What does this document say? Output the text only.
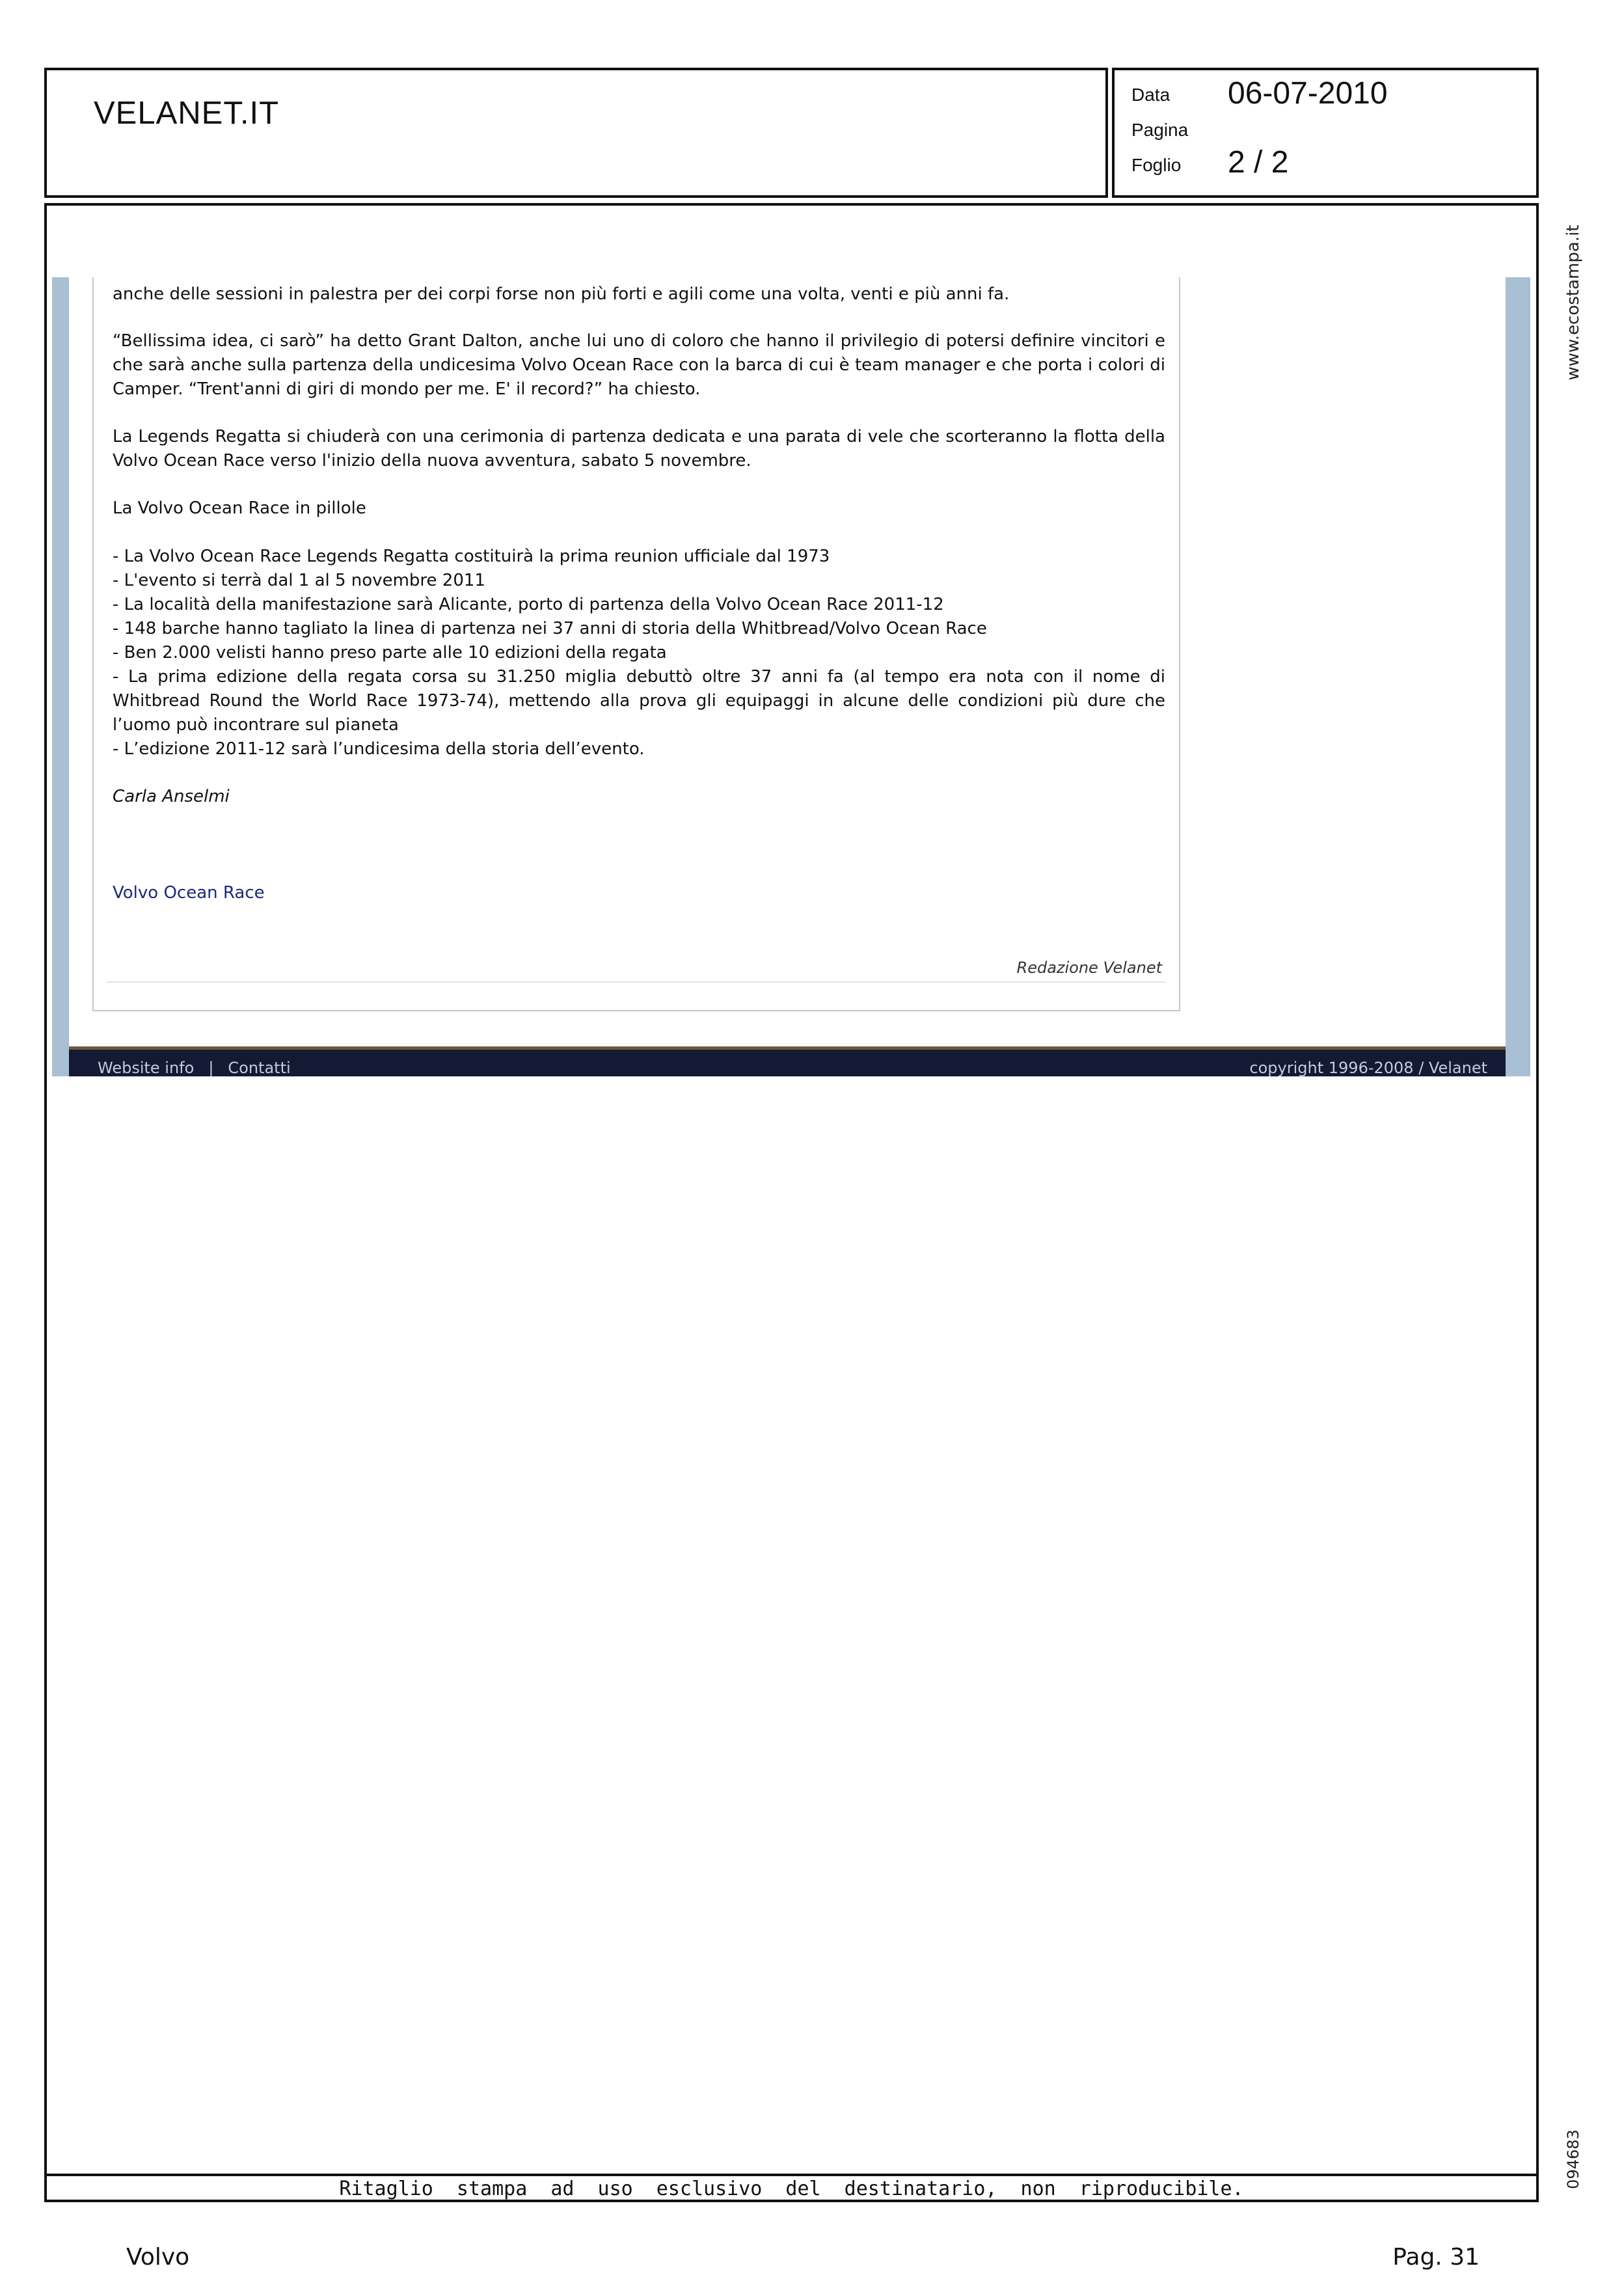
VELANET.IT
Data 06-07-2010
Pagina
Foglio 2 / 2

anche delle sessioni in palestra per dei corpi forse non più forti e agili come una volta, venti e più anni fa.

“Bellissima idea, ci sarò” ha detto Grant Dalton, anche lui uno di coloro che hanno il privilegio di potersi definire vincitori e che sarà anche sulla partenza della undicesima Volvo Ocean Race con la barca di cui è team manager e che porta i colori di Camper. “Trent'anni di giri di mondo per me. E' il record?” ha chiesto.

La Legends Regatta si chiuderà con una cerimonia di partenza dedicata e una parata di vele che scorteranno la flotta della Volvo Ocean Race verso l'inizio della nuova avventura, sabato 5 novembre.

La Volvo Ocean Race in pillole

- La Volvo Ocean Race Legends Regatta costituirà la prima reunion ufficiale dal 1973
- L'evento si terrà dal 1 al 5 novembre 2011
- La località della manifestazione sarà Alicante, porto di partenza della Volvo Ocean Race 2011-12
- 148 barche hanno tagliato la linea di partenza nei 37 anni di storia della Whitbread/Volvo Ocean Race
- Ben 2.000 velisti hanno preso parte alle 10 edizioni della regata
- La prima edizione della regata corsa su 31.250 miglia debuttò oltre 37 anni fa (al tempo era nota con il nome di Whitbread Round the World Race 1973-74), mettendo alla prova gli equipaggi in alcune delle condizioni più dure che l’uomo può incontrare sul pianeta
- L’edizione 2011-12 sarà l’undicesima della storia dell’evento.

Carla Anselmi

Volvo Ocean Race

Redazione Velanet
Website info | Contatti	copyright 1996-2008 / Velanet
www.ecostampa.it
094683
Ritaglio stampa ad uso esclusivo del destinatario, non riproducibile.
Volvo	Pag. 31
